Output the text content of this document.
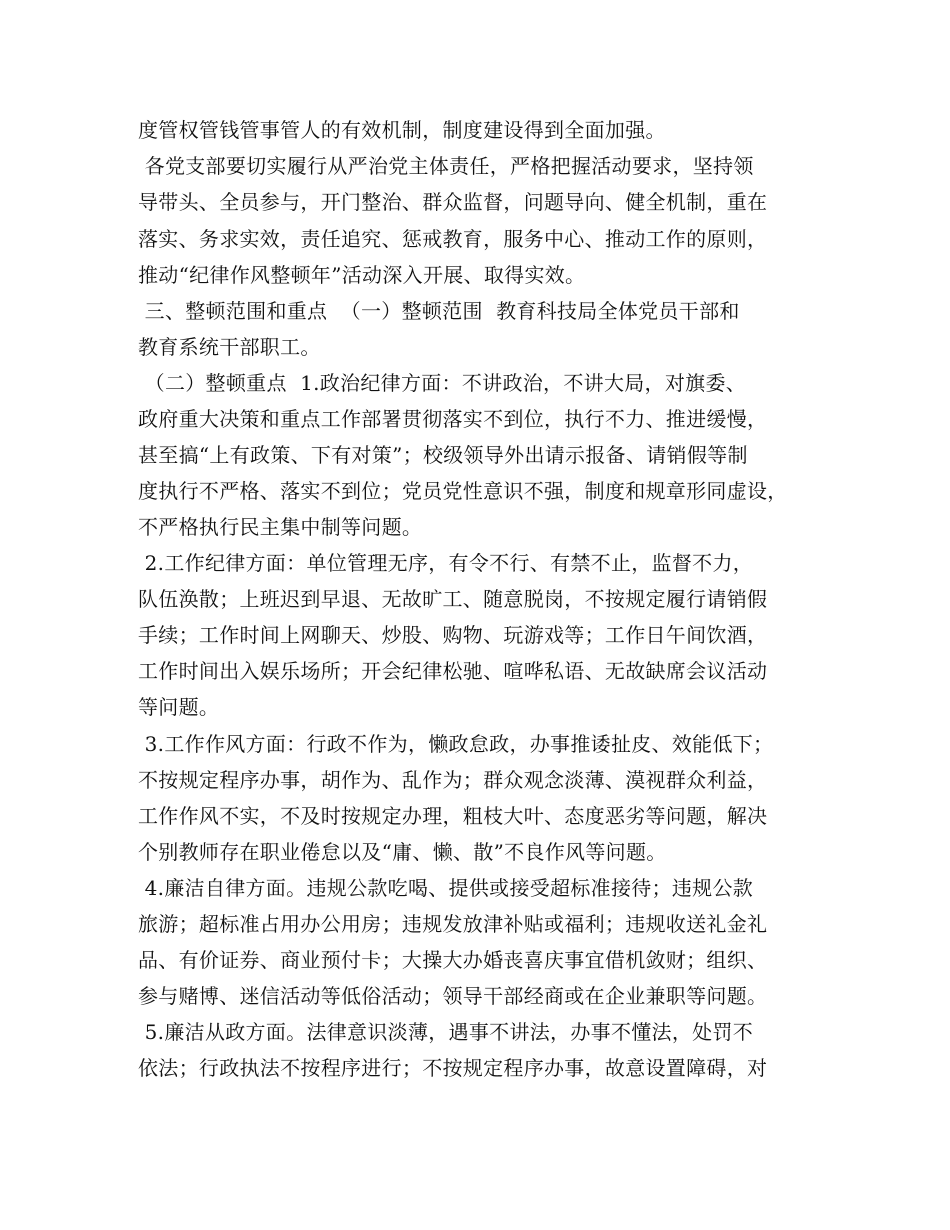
度管权管钱管事管人的有效机制，制度建设得到全面加强。
各党支部要切实履行从严治党主体责任，严格把握活动要求，坚持领
导带头、全员参与，开门整治、群众监督，问题导向、健全机制，重在
落实、务求实效，责任追究、惩戒教育，服务中心、推动工作的原则，
推动“纪律作风整顿年”活动深入开展、取得实效。
三、整顿范围和重点  （一）整顿范围  教育科技局全体党员干部和
教育系统干部职工。
（二）整顿重点  1.政治纪律方面：不讲政治，不讲大局，对旗委、
政府重大决策和重点工作部署贯彻落实不到位，执行不力、推进缓慢，
甚至搞“上有政策、下有对策”；校级领导外出请示报备、请销假等制
度执行不严格、落实不到位；党员党性意识不强，制度和规章形同虚设，
不严格执行民主集中制等问题。
2.工作纪律方面：单位管理无序，有令不行、有禁不止，监督不力，
队伍涣散；上班迟到早退、无故旷工、随意脱岗，不按规定履行请销假
手续；工作时间上网聊天、炒股、购物、玩游戏等；工作日午间饮酒，
工作时间出入娱乐场所；开会纪律松驰、喧哗私语、无故缺席会议活动
等问题。
3.工作作风方面：行政不作为，懒政怠政，办事推诿扯皮、效能低下；
不按规定程序办事，胡作为、乱作为；群众观念淡薄、漠视群众利益，
工作作风不实，不及时按规定办理，粗枝大叶、态度恶劣等问题，解决
个别教师存在职业倦怠以及“庸、懒、散”不良作风等问题。
4.廉洁自律方面。违规公款吃喝、提供或接受超标准接待；违规公款
旅游；超标准占用办公用房；违规发放津补贴或福利；违规收送礼金礼
品、有价证券、商业预付卡；大操大办婚丧喜庆事宜借机敛财；组织、
参与赌博、迷信活动等低俗活动；领导干部经商或在企业兼职等问题。
5.廉洁从政方面。法律意识淡薄，遇事不讲法，办事不懂法，处罚不
依法；行政执法不按程序进行；不按规定程序办事，故意设置障碍，对
